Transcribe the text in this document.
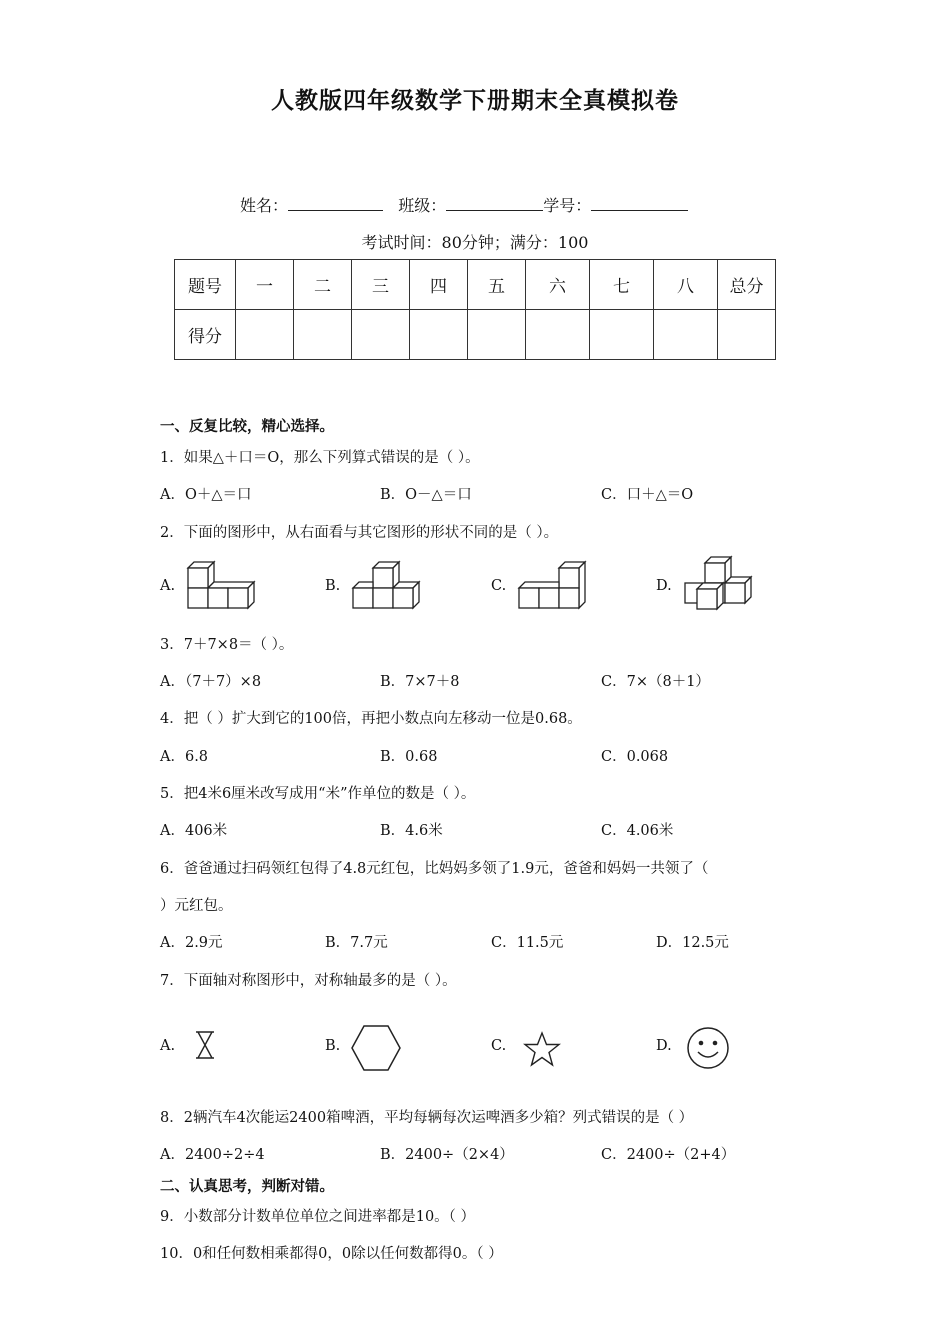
人教版四年级数学下册期末全真模拟卷
姓名：	班级：	学号：
考试时间：80分钟；满分：100
题号	一	二	三	四	五	六	七	八	总分
得分									
一、反复比较，精心选择。
1．如果△＋口＝O，那么下列算式错误的是（ ）。
A．O＋△＝口	B．O－△＝口	C．口＋△＝O
2．下面的图形中，从右面看与其它图形的形状不同的是（ ）。
A.	B.	C.	D.
3．7＋7×8＝（ ）。
A．（7＋7）×8	B．7×7＋8	C．7×（8＋1）
4．把（ ）扩大到它的100倍，再把小数点向左移动一位是0.68。
A．6.8	B．0.68	C．0.068
5．把4米6厘米改写成用“米”作单位的数是（ ）。
A．406米	B．4.6米	C．4.06米
6．爸爸通过扫码领红包得了4.8元红包，比妈妈多领了1.9元，爸爸和妈妈一共领了（
）元红包。
A．2.9元	B．7.7元	C．11.5元	D．12.5元
7．下面轴对称图形中，对称轴最多的是（ ）。
A.	B.	C.	D.
8．2辆汽车4次能运2400箱啤酒，平均每辆每次运啤酒多少箱？列式错误的是（ ）
A．2400÷2÷4	B．2400÷（2×4）	C．2400÷（2+4）
二、认真思考，判断对错。
9．小数部分计数单位单位之间进率都是10。（ ）
10．0和任何数相乘都得0，0除以任何数都得0。（ ）
